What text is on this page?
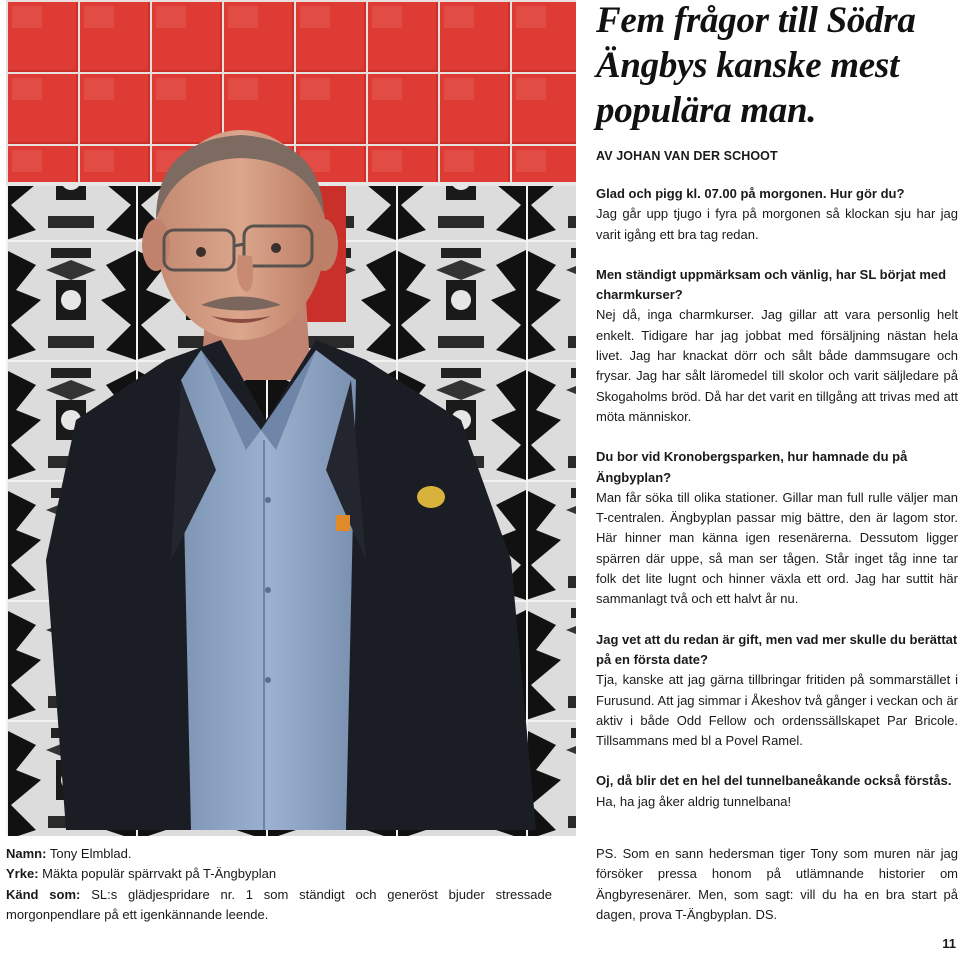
Fem frågor till Södra Ängbys kanske mest populära man.
AV JOHAN VAN DER SCHOOT
Glad och pigg kl. 07.00 på morgonen. Hur gör du?
Jag går upp tjugo i fyra på morgonen så klockan sju har jag varit igång ett bra tag redan.
Men ständigt uppmärksam och vänlig, har SL börjat med charmkurser?
Nej då, inga charmkurser. Jag gillar att vara personlig helt enkelt. Tidigare har jag jobbat med försäljning nästan hela livet. Jag har knackat dörr och sålt både dammsugare och frysar. Jag har sålt läromedel till skolor och varit säljledare på Skogaholms bröd. Då har det varit en tillgång att trivas med att möta människor.
Du bor vid Kronobergsparken, hur hamnade du på Ängbyplan?
Man får söka till olika stationer. Gillar man full rulle väljer man T-centralen. Ängbyplan passar mig bättre, den är lagom stor. Här hinner man känna igen resenärerna. Dessutom ligger spärren där uppe, så man ser tågen. Står inget tåg inne tar folk det lite lugnt och hinner växla ett ord. Jag har suttit här sammanlagt två och ett halvt år nu.
Jag vet att du redan är gift, men vad mer skulle du berättat på en första date?
Tja, kanske att jag gärna tillbringar fritiden på sommarstället i Furusund. Att jag simmar i Åkeshov två gånger i veckan och är aktiv i både Odd Fellow och ordenssällskapet Par Bricole. Tillsammans med bl a Povel Ramel.
Oj, då blir det en hel del tunnelbaneåkande också förstås.
Ha, ha jag åker aldrig tunnelbana!
Namn: Tony Elmblad.
Yrke: Mäkta populär spärrvakt på T-Ängbyplan
Känd som: SL:s glädjespridare nr. 1 som ständigt och generöst bjuder stressade morgonpendlare på ett igenkännande leende.
PS. Som en sann hedersman tiger Tony som muren när jag försöker pressa honom på utlämnande historier om Ängbyresenärer. Men, som sagt: vill du ha en bra start på dagen, prova T-Ängbyplan. DS.
11
